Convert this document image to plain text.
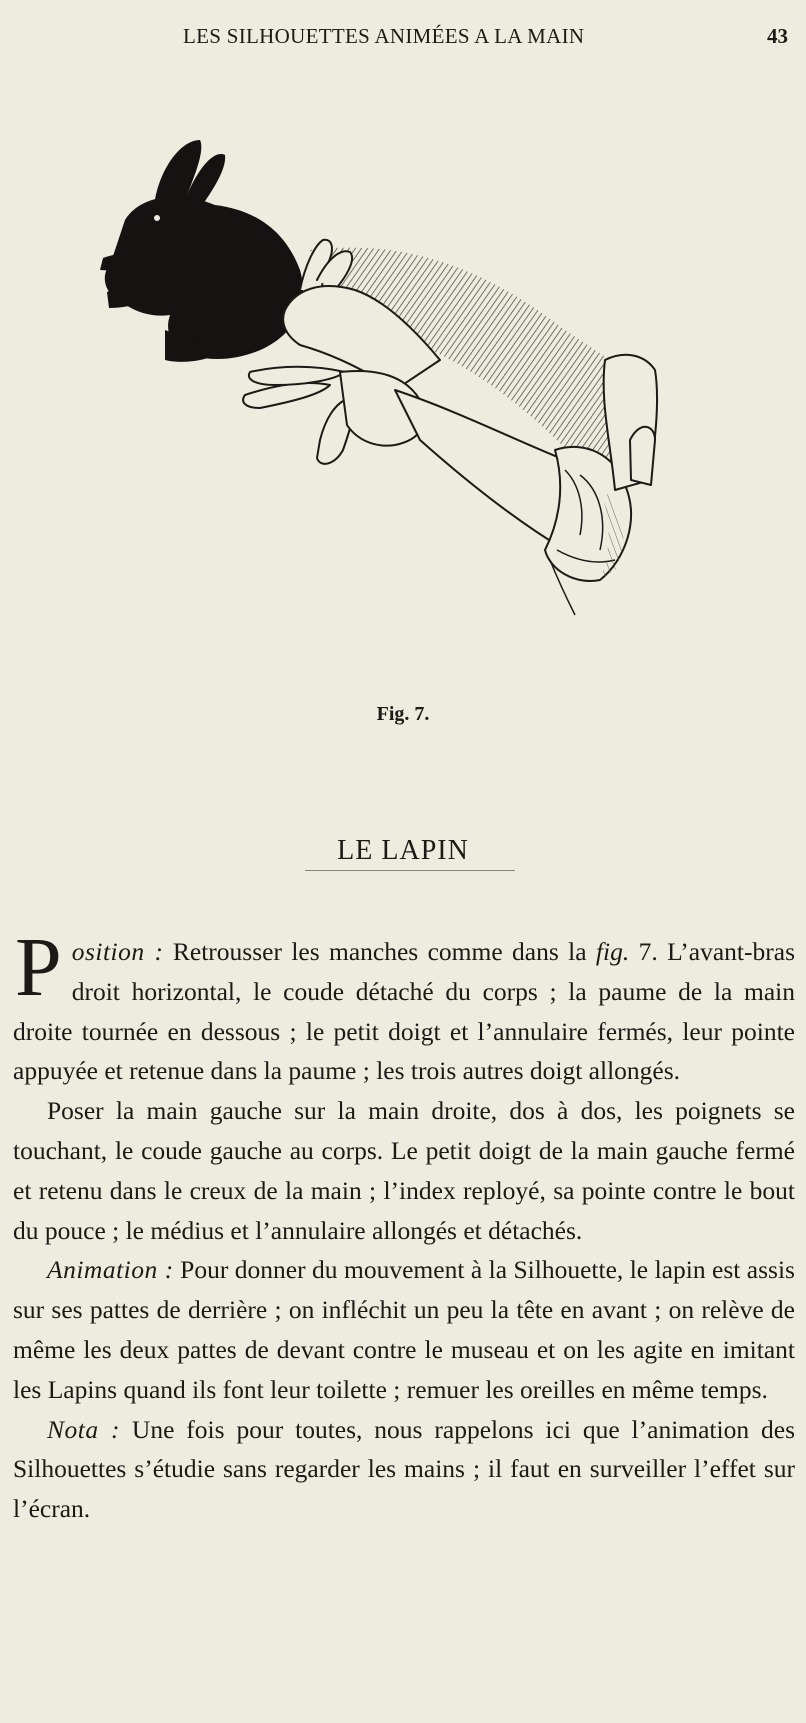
LES SILHOUETTES ANIMÉES A LA MAIN	43
Fig. 7.
LE LAPIN

Position : Retrousser les manches comme dans la fig. 7. L’avant-bras droit horizontal, le coude détaché du corps ; la paume de la main droite tournée en dessous ; le petit doigt et l’annulaire fermés, leur pointe appuyée et retenue dans la paume ; les trois autres doigt allongés.

Poser la main gauche sur la main droite, dos à dos, les poignets se touchant, le coude gauche au corps. Le petit doigt de la main gauche fermé et retenu dans le creux de la main ; l’index reployé, sa pointe contre le bout du pouce ; le médius et l’annulaire allongés et détachés.

Animation : Pour donner du mouvement à la Silhouette, le lapin est assis sur ses pattes de derrière ; on infléchit un peu la tête en avant ; on relève de même les deux pattes de devant contre le museau et on les agite en imitant les Lapins quand ils font leur toilette ; remuer les oreilles en même temps.

Nota : Une fois pour toutes, nous rappelons ici que l’animation des Silhouettes s’étudie sans regarder les mains ; il faut en surveiller l’effet sur l’écran.
